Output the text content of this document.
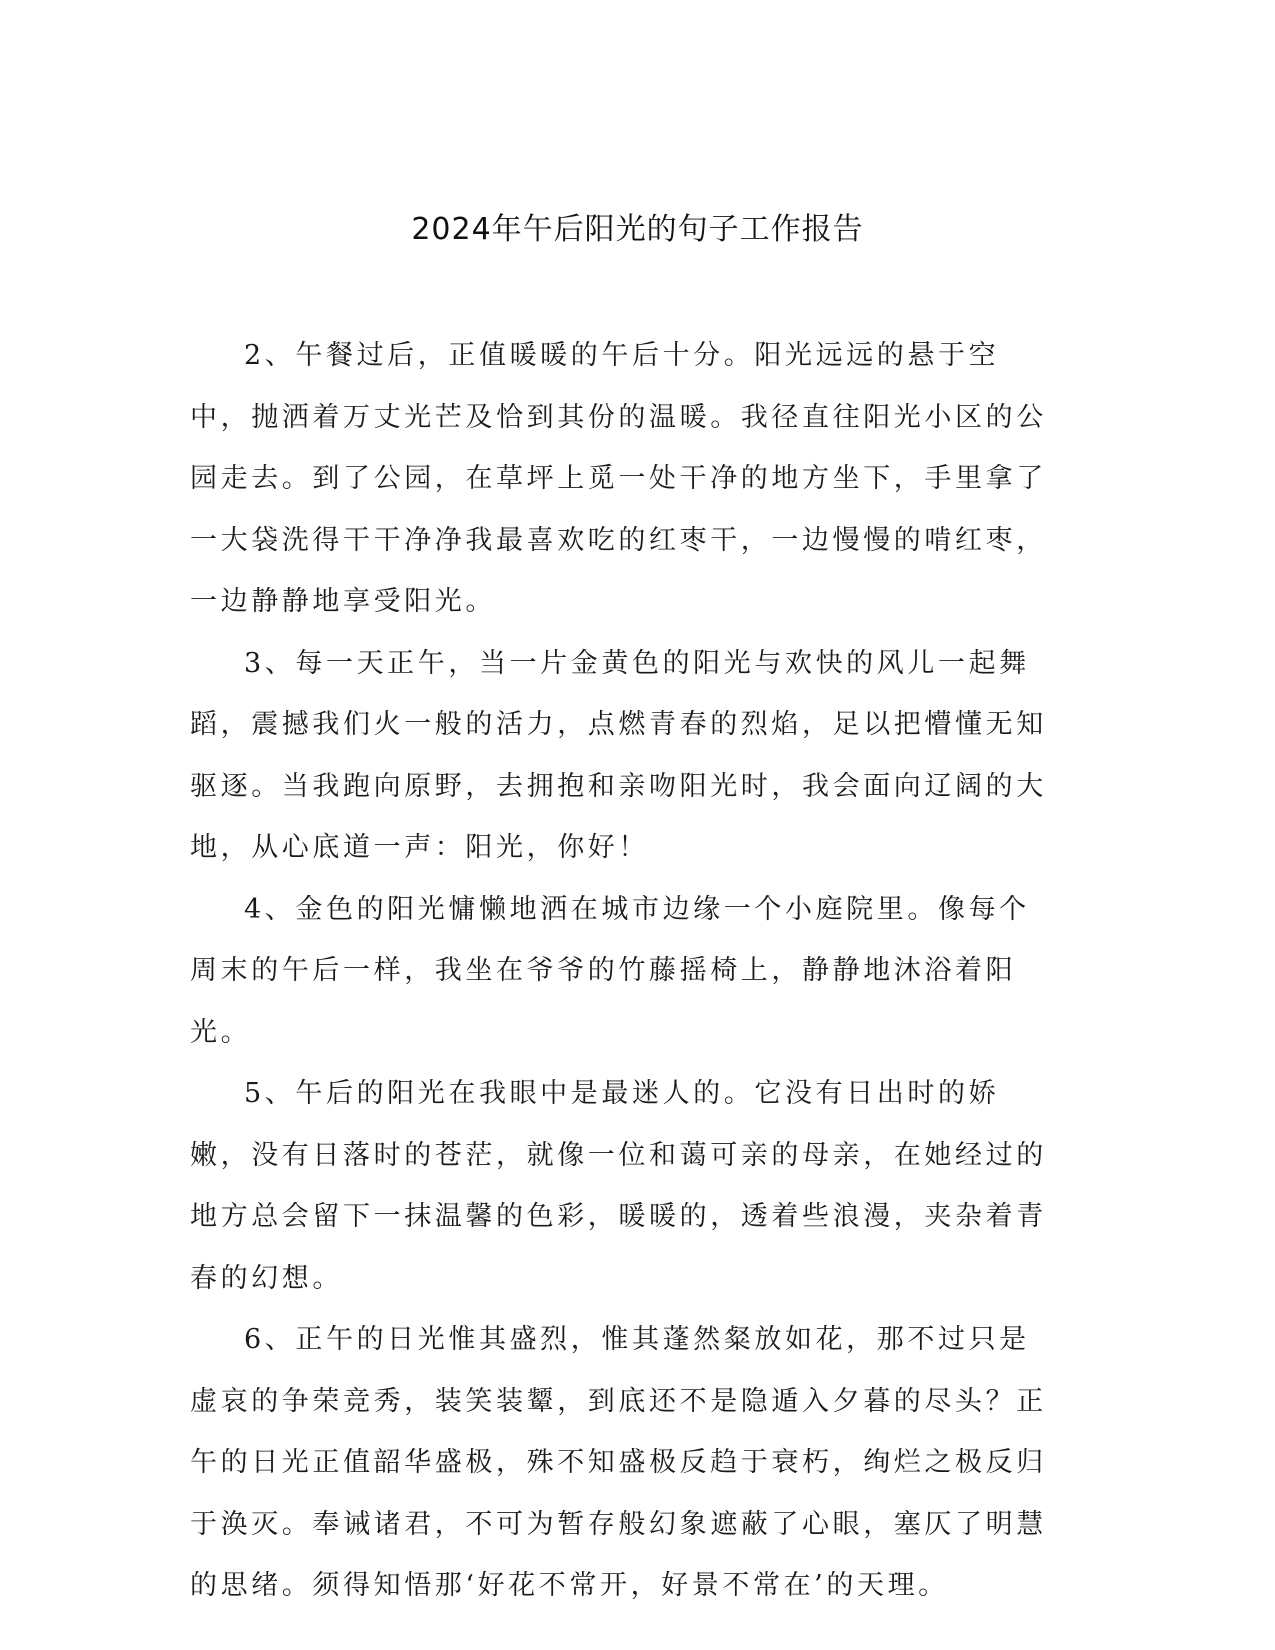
2024年午后阳光的句子工作报告

2、午餐过后，正值暖暖的午后十分。阳光远远的悬于空中，抛洒着万丈光芒及恰到其份的温暖。我径直往阳光小区的公园走去。到了公园，在草坪上觅一处干净的地方坐下，手里拿了一大袋洗得干干净净我最喜欢吃的红枣干，一边慢慢的啃红枣，一边静静地享受阳光。

3、每一天正午，当一片金黄色的阳光与欢快的风儿一起舞蹈，震撼我们火一般的活力，点燃青春的烈焰，足以把懵懂无知驱逐。当我跑向原野，去拥抱和亲吻阳光时，我会面向辽阔的大地，从心底道一声：阳光，你好！

4、金色的阳光慵懒地洒在城市边缘一个小庭院里。像每个周末的午后一样，我坐在爷爷的竹藤摇椅上，静静地沐浴着阳光。

5、午后的阳光在我眼中是最迷人的。它没有日出时的娇嫩，没有日落时的苍茫，就像一位和蔼可亲的母亲，在她经过的地方总会留下一抹温馨的色彩，暖暖的，透着些浪漫，夹杂着青春的幻想。

6、正午的日光惟其盛烈，惟其蓬然粲放如花，那不过只是虚哀的争荣竞秀，装笑装颦，到底还不是隐遁入夕暮的尽头？正午的日光正值韶华盛极，殊不知盛极反趋于衰朽，绚烂之极反归于涣灭。奉诫诸君，不可为暂存般幻象遮蔽了心眼，塞仄了明慧的思绪。须得知悟那‘好花不常开，好景不常在’的天理。
